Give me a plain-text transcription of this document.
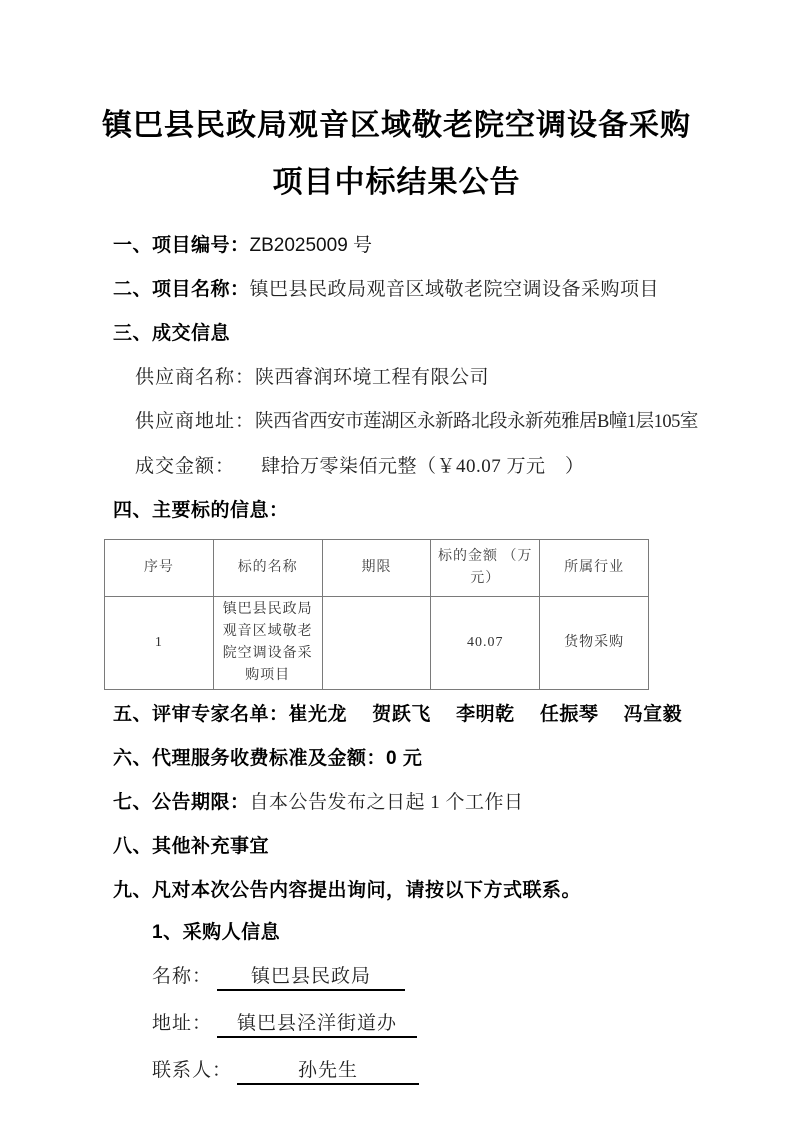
镇巴县民政局观音区域敬老院空调设备采购
项目中标结果公告
一、项目编号：ZB2025009 号
二、项目名称：镇巴县民政局观音区域敬老院空调设备采购项目
三、成交信息
供应商名称：陕西睿润环境工程有限公司
供应商地址：陕西省西安市莲湖区永新路北段永新苑雅居B幢1层105室
成交金额： 肆拾万零柒佰元整（￥40.07 万元　）
四、主要标的信息：
序号	标的名称	期限	标的金额 （万元）	所属行业
1	镇巴县民政局观音区域敬老院空调设备采购项目		40.07	货物采购
五、评审专家名单：崔光龙　 贺跃飞　 李明乾　 任振琴　 冯宣毅
六、代理服务收费标准及金额：0 元
七、公告期限：自本公告发布之日起 1 个工作日
八、其他补充事宜
九、凡对本次公告内容提出询问，请按以下方式联系。
1、采购人信息
名称： 镇巴县民政局
地址： 镇巴县泾洋街道办
联系人：	孙先生
